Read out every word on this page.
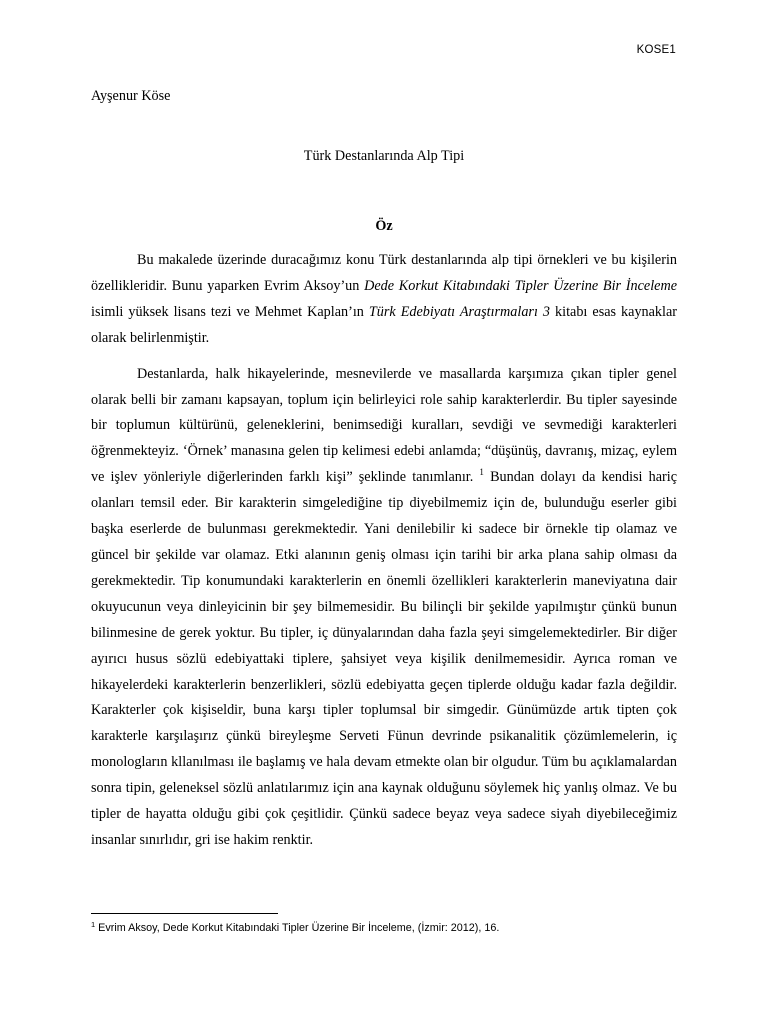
KOSE1
Ayşenur Köse
Türk Destanlarında Alp Tipi
Öz

Bu makalede üzerinde duracağımız konu Türk destanlarında alp tipi örnekleri ve bu kişilerin özellikleridir. Bunu yaparken Evrim Aksoy’un Dede Korkut Kitabındaki Tipler Üzerine Bir İnceleme isimli yüksek lisans tezi ve Mehmet Kaplan’ın Türk Edebiyatı Araştırmaları 3 kitabı esas kaynaklar olarak belirlenmiştir.

Destanlarda, halk hikayelerinde, mesnevilerde ve masallarda karşımıza çıkan tipler genel olarak belli bir zamanı kapsayan, toplum için belirleyici role sahip karakterlerdir. Bu tipler sayesinde bir toplumun kültürünü, geleneklerini, benimsediği kuralları, sevdiği ve sevmediği karakterleri öğrenmekteyiz. ‘Örnek’ manasına gelen tip kelimesi edebi anlamda; “düşünüş, davranış, mizaç, eylem ve işlev yönleriyle diğerlerinden farklı kişi” şeklinde tanımlanır. $^1$ Bundan dolayı da kendisi hariç olanları temsil eder. Bir karakterin simgelediğine tip diyebilmemiz için de, bulunduğu eserler gibi başka eserlerde de bulunması gerekmektedir. Yani denilebilir ki sadece bir örnekle tip olamaz ve güncel bir şekilde var olamaz. Etki alanının geniş olması için tarihi bir arka plana sahip olması da gerekmektedir. Tip konumundaki karakterlerin en önemli özellikleri karakterlerin maneviyatına dair okuyucunun veya dinleyicinin bir şey bilmemesidir. Bu bilinçli bir şekilde yapılmıştır çünkü bunun bilinmesine de gerek yoktur. Bu tipler, iç dünyalarından daha fazla şeyi simgelemektedirler. Bir diğer ayırıcı husus sözlü edebiyattaki tiplere, şahsiyet veya kişilik denilmemesidir. Ayrıca roman ve hikayelerdeki karakterlerin benzerlikleri, sözlü edebiyatta geçen tiplerde olduğu kadar fazla değildir. Karakterler çok kişiseldir, buna karşı tipler toplumsal bir simgedir. Günümüzde artık tipten çok karakterle karşılaşırız çünkü bireyleşme Serveti Fünun devrinde psikanalitik çözümlemelerin, iç monologların kllanılması ile başlamış ve hala devam etmekte olan bir olgudur. Tüm bu açıklamalardan sonra tipin, geleneksel sözlü anlatılarımız için ana kaynak olduğunu söylemek hiç yanlış olmaz. Ve bu tipler de hayatta olduğu gibi çok çeşitlidir. Çünkü sadece beyaz veya sadece siyah diyebileceğimiz insanlar sınırlıdır, gri ise hakim renktir.

$^1$ Evrim Aksoy, Dede Korkut Kitabındaki Tipler Üzerine Bir İnceleme, (İzmir: 2012), 16.
